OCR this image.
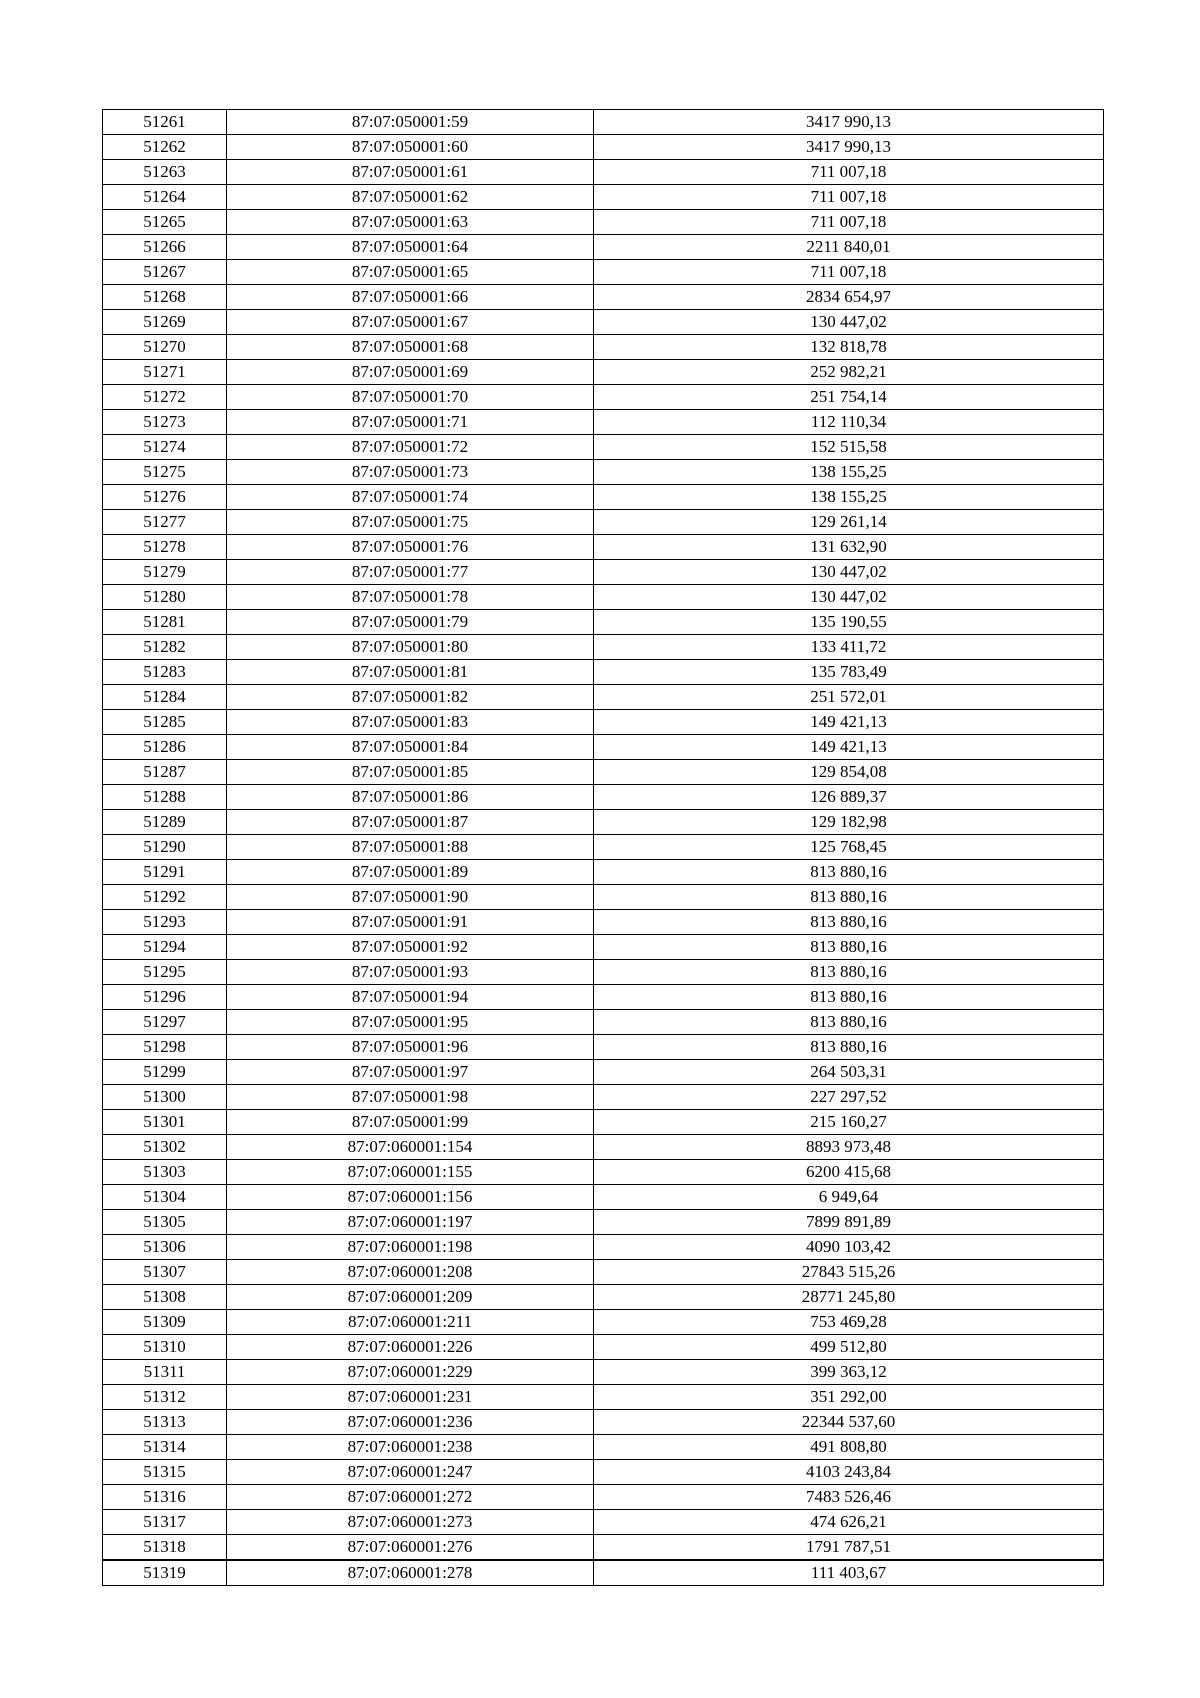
51261	87:07:050001:59	3417 990,13
51262	87:07:050001:60	3417 990,13
51263	87:07:050001:61	711 007,18
51264	87:07:050001:62	711 007,18
51265	87:07:050001:63	711 007,18
51266	87:07:050001:64	2211 840,01
51267	87:07:050001:65	711 007,18
51268	87:07:050001:66	2834 654,97
51269	87:07:050001:67	130 447,02
51270	87:07:050001:68	132 818,78
51271	87:07:050001:69	252 982,21
51272	87:07:050001:70	251 754,14
51273	87:07:050001:71	112 110,34
51274	87:07:050001:72	152 515,58
51275	87:07:050001:73	138 155,25
51276	87:07:050001:74	138 155,25
51277	87:07:050001:75	129 261,14
51278	87:07:050001:76	131 632,90
51279	87:07:050001:77	130 447,02
51280	87:07:050001:78	130 447,02
51281	87:07:050001:79	135 190,55
51282	87:07:050001:80	133 411,72
51283	87:07:050001:81	135 783,49
51284	87:07:050001:82	251 572,01
51285	87:07:050001:83	149 421,13
51286	87:07:050001:84	149 421,13
51287	87:07:050001:85	129 854,08
51288	87:07:050001:86	126 889,37
51289	87:07:050001:87	129 182,98
51290	87:07:050001:88	125 768,45
51291	87:07:050001:89	813 880,16
51292	87:07:050001:90	813 880,16
51293	87:07:050001:91	813 880,16
51294	87:07:050001:92	813 880,16
51295	87:07:050001:93	813 880,16
51296	87:07:050001:94	813 880,16
51297	87:07:050001:95	813 880,16
51298	87:07:050001:96	813 880,16
51299	87:07:050001:97	264 503,31
51300	87:07:050001:98	227 297,52
51301	87:07:050001:99	215 160,27
51302	87:07:060001:154	8893 973,48
51303	87:07:060001:155	6200 415,68
51304	87:07:060001:156	6 949,64
51305	87:07:060001:197	7899 891,89
51306	87:07:060001:198	4090 103,42
51307	87:07:060001:208	27843 515,26
51308	87:07:060001:209	28771 245,80
51309	87:07:060001:211	753 469,28
51310	87:07:060001:226	499 512,80
51311	87:07:060001:229	399 363,12
51312	87:07:060001:231	351 292,00
51313	87:07:060001:236	22344 537,60
51314	87:07:060001:238	491 808,80
51315	87:07:060001:247	4103 243,84
51316	87:07:060001:272	7483 526,46
51317	87:07:060001:273	474 626,21
51318	87:07:060001:276	1791 787,51
51319	87:07:060001:278	111 403,67
